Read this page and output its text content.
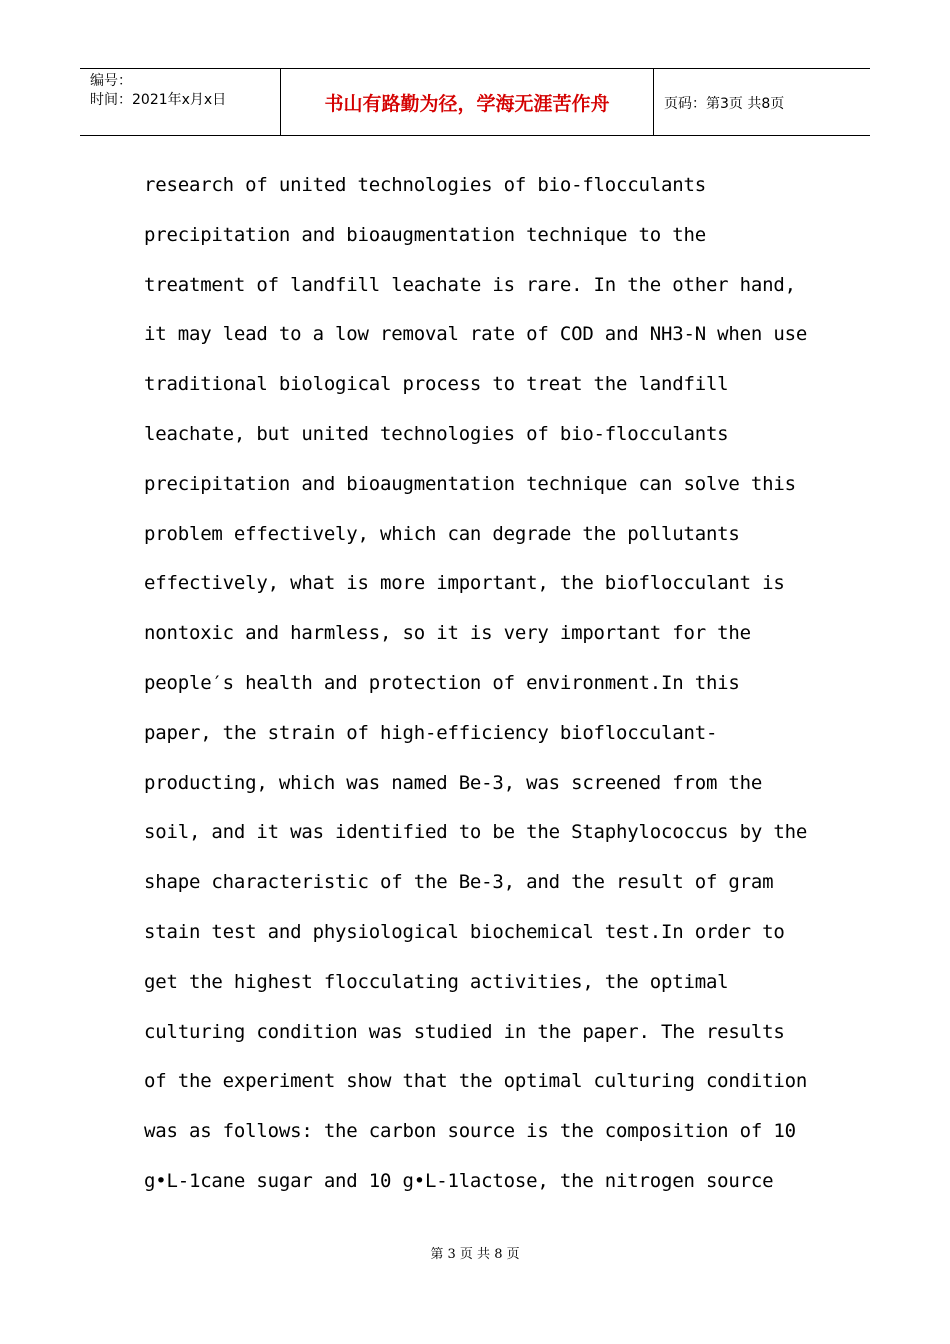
编号：
时间：2021年x月x日	书山有路勤为径，学海无涯苦作舟	页码：第3页 共8页
research of united technologies of bio-flocculants
precipitation and bioaugmentation technique to the
treatment of landfill leachate is rare. In the other hand,
it may lead to a low removal rate of COD and NH3-N when use
traditional biological process to treat the landfill
leachate, but united technologies of bio-flocculants
precipitation and bioaugmentation technique can solve this
problem effectively, which can degrade the pollutants
effectively, what is more important, the bioflocculant is
nontoxic and harmless, so it is very important for the
people′s health and protection of environment.In this
paper, the strain of high-efficiency bioflocculant-
producting, which was named Be-3, was screened from the
soil, and it was identified to be the Staphylococcus by the
shape characteristic of the Be-3, and the result of gram
stain test and physiological biochemical test.In order to
get the highest flocculating activities, the optimal
culturing condition was studied in the paper. The results
of the experiment show that the optimal culturing condition
was as follows: the carbon source is the composition of 10
g•L-1cane sugar and 10 g•L-1lactose, the nitrogen source
第 3 页 共 8 页
